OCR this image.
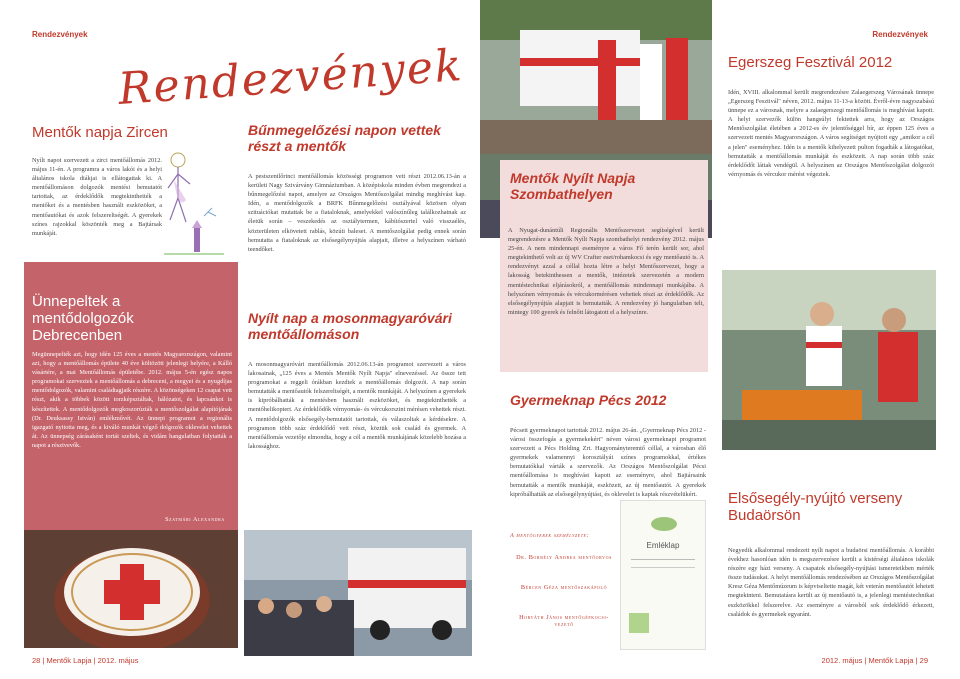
Rendezvények	Rendezvények
Rendezvények
Mentők napja Zircen
Nyílt napot szervezett a zirci mentőállomás 2012. május 11-én. A programra a város lakói és a helyi általános iskola diákjai is ellátogattak ki. A mentőállomáson dolgozók mentési bemutatót tartottak, az érdeklődők megtekinthették a mentőket és a mentésben használt eszközöket, a mentőautókat és azok felszereltségét. A gyerekek színes rajzokkal köszönték meg a Bajtársak munkáját.
Ünnepeltek a mentődolgozók Debrecenben
Megünnepelték azt, hogy idén 125 éves a mentés Magyarországon, valamint azt, hogy a mentőállomás épülete 40 éve költözött jelenlegi helyére, a Kálló vásártére, a mai Mentőállomás épületébe. 2012. május 5-én egész napos programokat szerveztek a mentőállomás a debreceni, a megyei és a nyugdíjas mentődolgozók, valamint családtagjaik részére. A közönségeken 12 csapat vett részt, akik a többek között torzképsztáltak, hálózatot, és lapcsánkot is készítettek. A mentődolgozók megkoszorúzták a mentőszolgálat alapítójának (Dr. Deuksassy István) emlékművét. Az ünnepi programot a regionális igazgató nyitotta meg, és a kiváló munkát végző dolgozók oklevelet vehettek át. Az ünnepség zárásaként tortát szeltek, és vidám hangulatban folytatták a napot a résztvevők.
Szatmári Alexandra
28 | Mentők Lapja | 2012. május
Bűnmegelőzési napon vettek részt a mentők
A pestszentlőrinci mentőállomás közösségi programon vett részt 2012.06.13-án a kerületi Nagy Szivárvány Gimnáziumban. A középiskola minden évben megrendezi a bűnmegelőzési napot, amelyre az Országos Mentőszolgálat mindig meghívást kap. Idén, a mentődolgozók a BRFK Bűnmegelőzési osztályával közösen olyan szituációkat mutattak be a fiataloknak, amelyekkel valószínűleg találkozhatnak az életük során – veszekedés az osztálytermen, kábítószertel való visszaélés, közterületen elkövetett rablás, közúti baleset. A mentőszolgálat pedig ennek során bemutatta a fiataloknak az elsősegélynyújtás alapjait, illetve a helyszínen várható teendőket.
Nyílt nap a mosonmagyaróvári mentőállomáson
A mosonmagyaróvári mentőállomás 2012.06.13-án programot szervezett a város lakosainak, „125 éves a Mentés Mentők Nyílt Napja" elnevezéssel. Az össze tett programokat a reggeli órákban kezdtek a mentőállomás dolgozói. A nap során bemutatták a mentőautók felszereltségét, a mentők munkáját. A helyszínen a gyerekek is kipróbálhatták a mentésben használt eszközöket, és megtekinthették a mentőhelikoptert. Az érdeklődők vérnyomás- és vércukorszint mérésen vehettek részt. A mentődolgozók elsősegély-bemutatót tartottak, és válaszoltak a kérdésekre. A programon több száz érdeklődő vett részt, köztük sok család és gyermek. A mentőállomás vezetője elmondta, hogy a cél a mentők munkájának közelebb hozása a lakossághoz.
Mentők Nyílt Napja Szombathelyen
A Nyugat-dunántúli Regionális Mentőszervezet segítségével került megrendezésre a Mentők Nyílt Napja szombathelyi rendezvény 2012. május 25-én. A nem mindennapi eseményre a város Fő terén került sor, ahol megtekinthető volt az új WV Crafter eset/rohamkocsi és egy mentőautó is. A rendezvényt azzal a céllal hozta létre a helyi Mentőszervezet, hogy a lakosság betekinthessen a mentők, intézetek szervezetén a modern mentéstechnikai eljárásokról, a mentőállomás mindennapi munkájába. A helyszínen vérnyomás és vércukormérésen vehettek részt az érdeklődők. Az elsősegélynyújtás alapjait is bemutatták. A rendezvény jó hangulatban telt, mintegy 100 gyerek és felnőtt látogatott el a helyszínre.
Gyermeknap Pécs 2012
Pécsett gyermeknapot tartottak 2012. május 26-án. „Gyermeknap Pécs 2012 - városi összefogás a gyermekekért" néven városi gyermeknapi programot szervezett a Pécs Holding Zrt. Hagyományteremtő céllal, a városban élő gyermekek valamennyi korosztályát színes programokkal, értékes bemutatókkal várták a szervezők. Az Országos Mentőszolgálat Pécsi mentőállomása is meghívást kapott az eseményre, ahol Bajtársaink bemutatták a mentők munkáját, eszközeit, az új mentőautót. A gyerekek kipróbálhatták az elsősegélynyújtást, és oklevelet is kaptak részvételükért.
A mentőgyerek személyzete:
Dr. Borbély Andrea mentőorvos
Bércen Géza mentőszakápoló
Horváth János mentőgépkocsi-vezető
Emléklap
Egerszeg Fesztivál 2012
Idén, XVIII. alkalommal került megrendezésre Zalaegerszeg Városának ünnepe „Egerszeg Fesztivál" néven, 2012. május 11-13-a között. Évről-évre nagyszabású ünnepe ez a városnak, melyre a zalaegerszegi mentőállomás is meghívást kapott. A helyi szervezők külön hangsúlyt fektettek arra, hogy az Országos Mentőszolgálat életében a 2012-es év jelentőséggel bír, az éppen 125 éves a szervezett mentés Magyarországon. A város segítséget nyújtott egy „amikor a cél a jelen" eseményhez. Idén is a mentők kihelyezett pulton fogadták a látogatókat, bemutatták a mentőállomás munkáját és eszközeit. A nap során több száz érdeklődőt láttak vendégül. A helyszínen az Országos Mentőszolgálat dolgozói vérnyomás és vércukor mérést végeztek.
Elsősegély-nyújtó verseny Budaörsön
Negyedik alkalommal rendezett nyílt napot a budaörsi mentőállomás. A korábbi évekhez hasonlóan idén is megszervezésre került a kistérségi általános iskolák részére egy házi verseny. A csapatok elsősegély-nyújtási ismereteikben mérték össze tudásukat. A helyi mentőállomás rendezésében az Országos Mentőszolgálat Kresz Géza Mentőmúzeum is képviseltette magát, két veterán mentőautót lehetett megtekinteni. Bemutatásra került az új mentőautó is, a jelenlegi mentéstechnikai eszközökkel felszerelve. Az eseményre a városból sok érdeklődő érkezett, családok és gyermekek egyaránt.
2012. május | Mentők Lapja | 29
